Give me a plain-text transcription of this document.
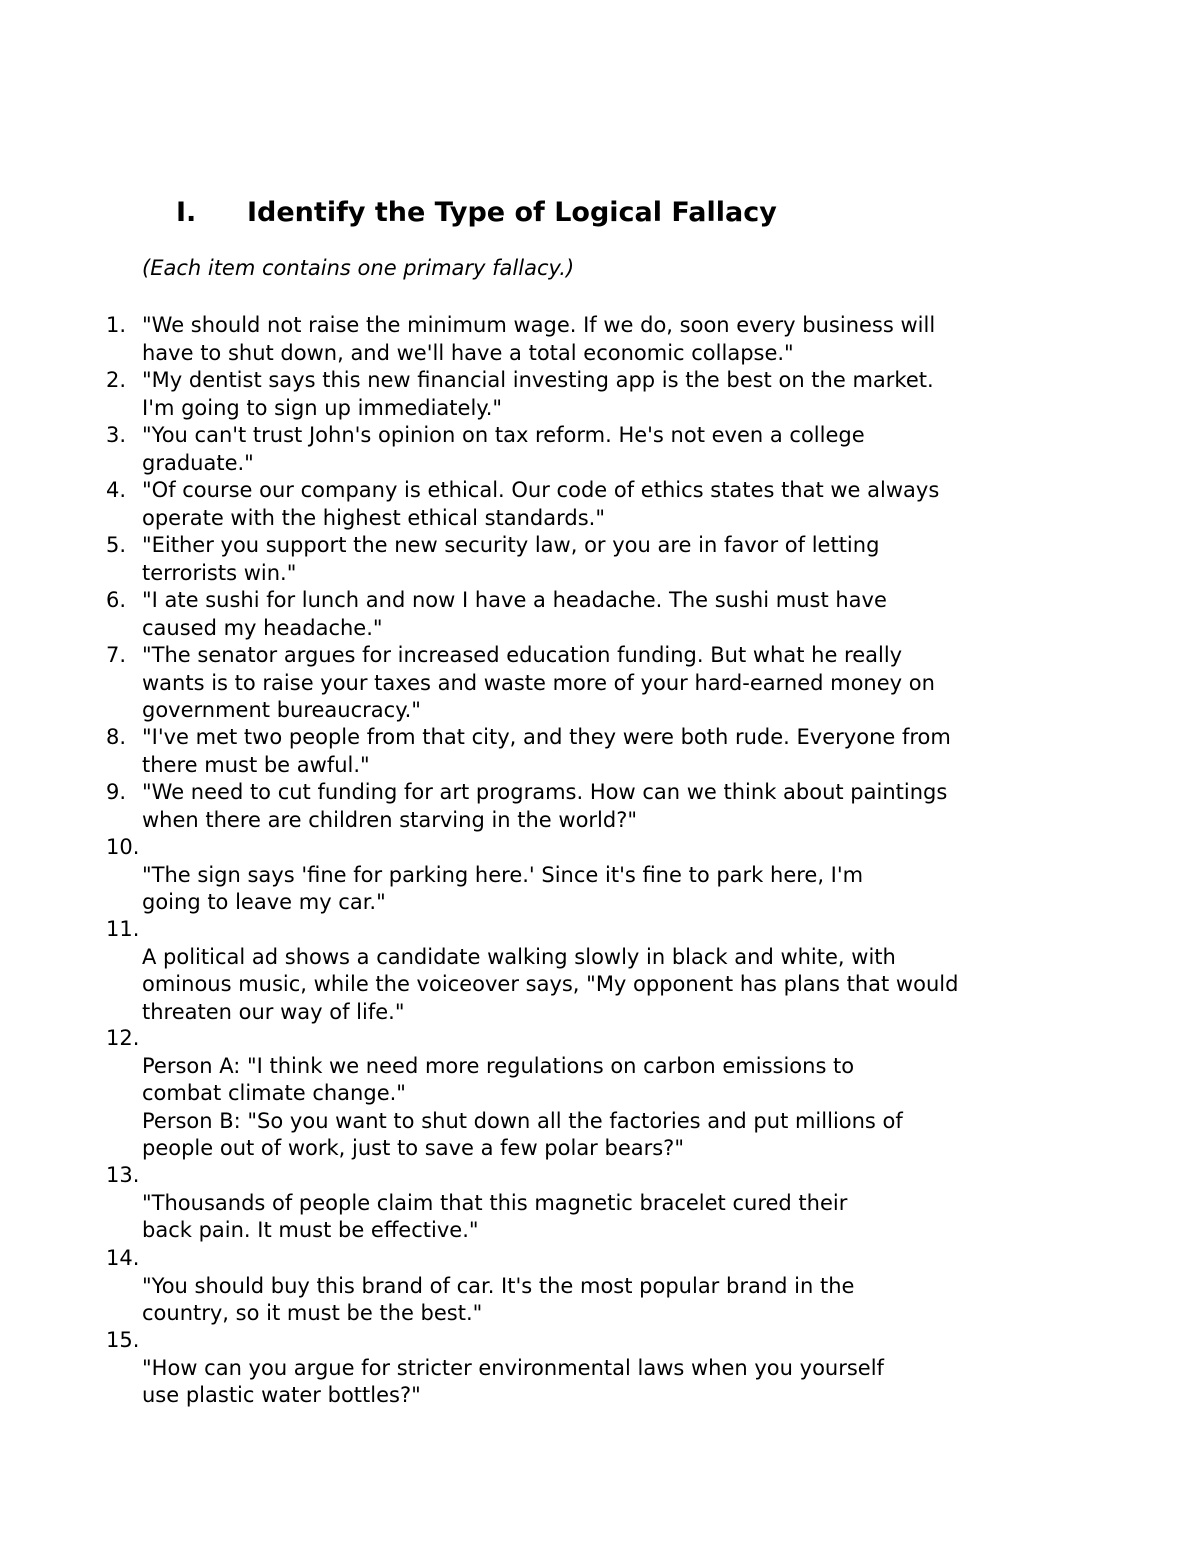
I. Identify the Type of Logical Fallacy
(Each item contains one primary fallacy.)
1. "We should not raise the minimum wage. If we do, soon every business will
have to shut down, and we'll have a total economic collapse."
2. "My dentist says this new financial investing app is the best on the market.
I'm going to sign up immediately."
3. "You can't trust John's opinion on tax reform. He's not even a college
graduate."
4. "Of course our company is ethical. Our code of ethics states that we always
operate with the highest ethical standards."
5. "Either you support the new security law, or you are in favor of letting
terrorists win."
6. "I ate sushi for lunch and now I have a headache. The sushi must have
caused my headache."
7. "The senator argues for increased education funding. But what he really
wants is to raise your taxes and waste more of your hard-earned money on
government bureaucracy."
8. "I've met two people from that city, and they were both rude. Everyone from
there must be awful."
9. "We need to cut funding for art programs. How can we think about paintings
when there are children starving in the world?"
10.
"The sign says 'fine for parking here.' Since it's fine to park here, I'm
going to leave my car."
11.
A political ad shows a candidate walking slowly in black and white, with
ominous music, while the voiceover says, "My opponent has plans that would
threaten our way of life."
12.
Person A: "I think we need more regulations on carbon emissions to
combat climate change."
Person B: "So you want to shut down all the factories and put millions of
people out of work, just to save a few polar bears?"
13.
"Thousands of people claim that this magnetic bracelet cured their
back pain. It must be effective."
14.
"You should buy this brand of car. It's the most popular brand in the
country, so it must be the best."
15.
"How can you argue for stricter environmental laws when you yourself
use plastic water bottles?"
